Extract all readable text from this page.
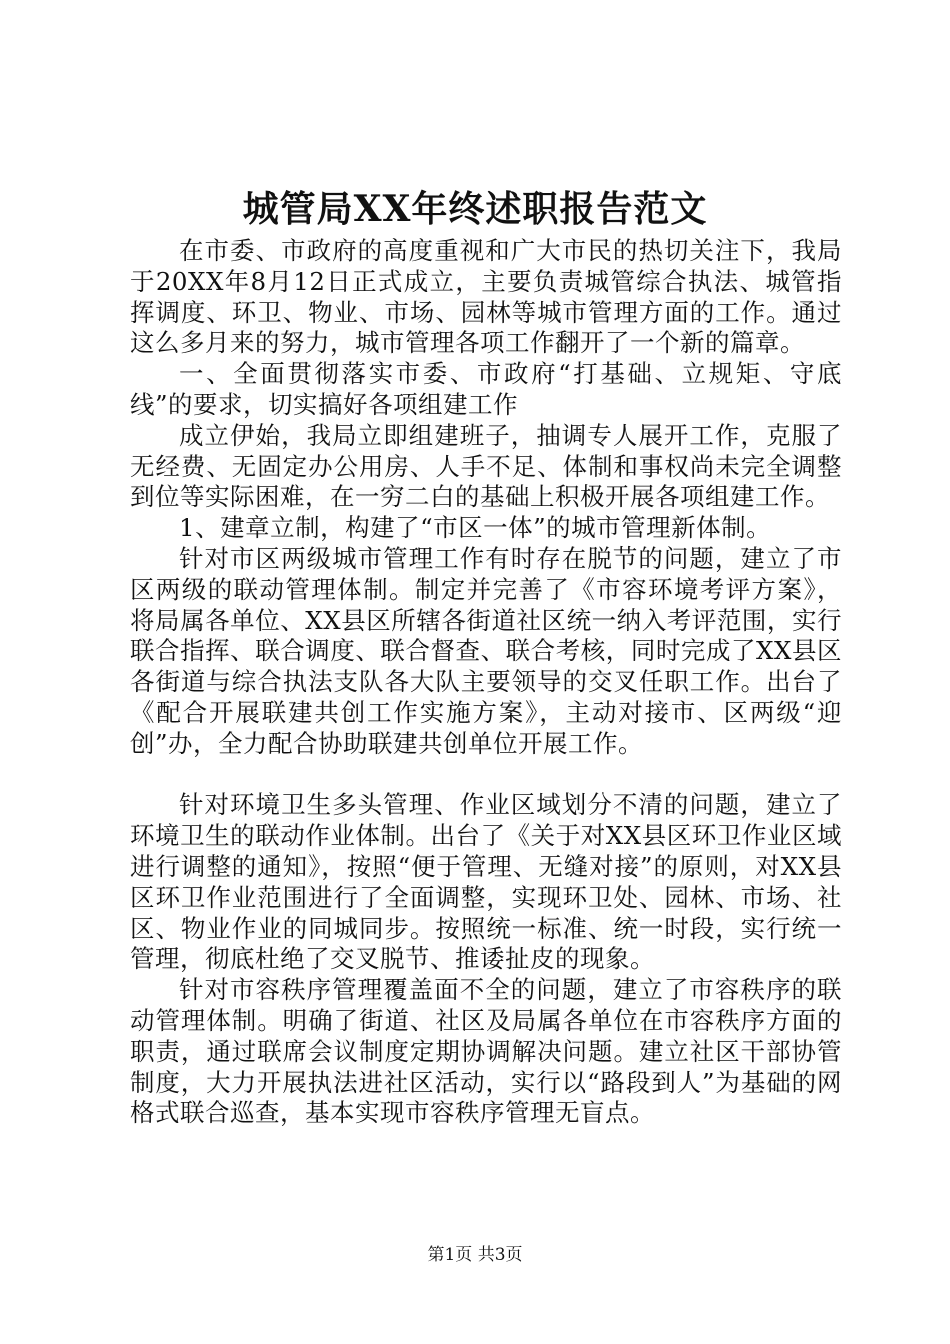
城管局XX年终述职报告范文

在市委、市政府的高度重视和广大市民的热切关注下，我局于20XX年8月12日正式成立，主要负责城管综合执法、城管指挥调度、环卫、物业、市场、园林等城市管理方面的工作。通过这么多月来的努力，城市管理各项工作翻开了一个新的篇章。

一、全面贯彻落实市委、市政府“打基础、立规矩、守底线”的要求，切实搞好各项组建工作

成立伊始，我局立即组建班子，抽调专人展开工作，克服了无经费、无固定办公用房、人手不足、体制和事权尚未完全调整到位等实际困难，在一穷二白的基础上积极开展各项组建工作。

1、建章立制，构建了“市区一体”的城市管理新体制。

针对市区两级城市管理工作有时存在脱节的问题，建立了市区两级的联动管理体制。制定并完善了《市容环境考评方案》，将局属各单位、XX县区所辖各街道社区统一纳入考评范围，实行联合指挥、联合调度、联合督查、联合考核，同时完成了XX县区各街道与综合执法支队各大队主要领导的交叉任职工作。出台了《配合开展联建共创工作实施方案》，主动对接市、区两级“迎创”办，全力配合协助联建共创单位开展工作。

针对环境卫生多头管理、作业区域划分不清的问题，建立了环境卫生的联动作业体制。出台了《关于对XX县区环卫作业区域进行调整的通知》，按照“便于管理、无缝对接”的原则，对XX县区环卫作业范围进行了全面调整，实现环卫处、园林、市场、社区、物业作业的同城同步。按照统一标准、统一时段，实行统一管理，彻底杜绝了交叉脱节、推诿扯皮的现象。

针对市容秩序管理覆盖面不全的问题，建立了市容秩序的联动管理体制。明确了街道、社区及局属各单位在市容秩序方面的职责，通过联席会议制度定期协调解决问题。建立社区干部协管制度，大力开展执法进社区活动，实行以“路段到人”为基础的网格式联合巡查，基本实现市容秩序管理无盲点。

第1页 共3页
